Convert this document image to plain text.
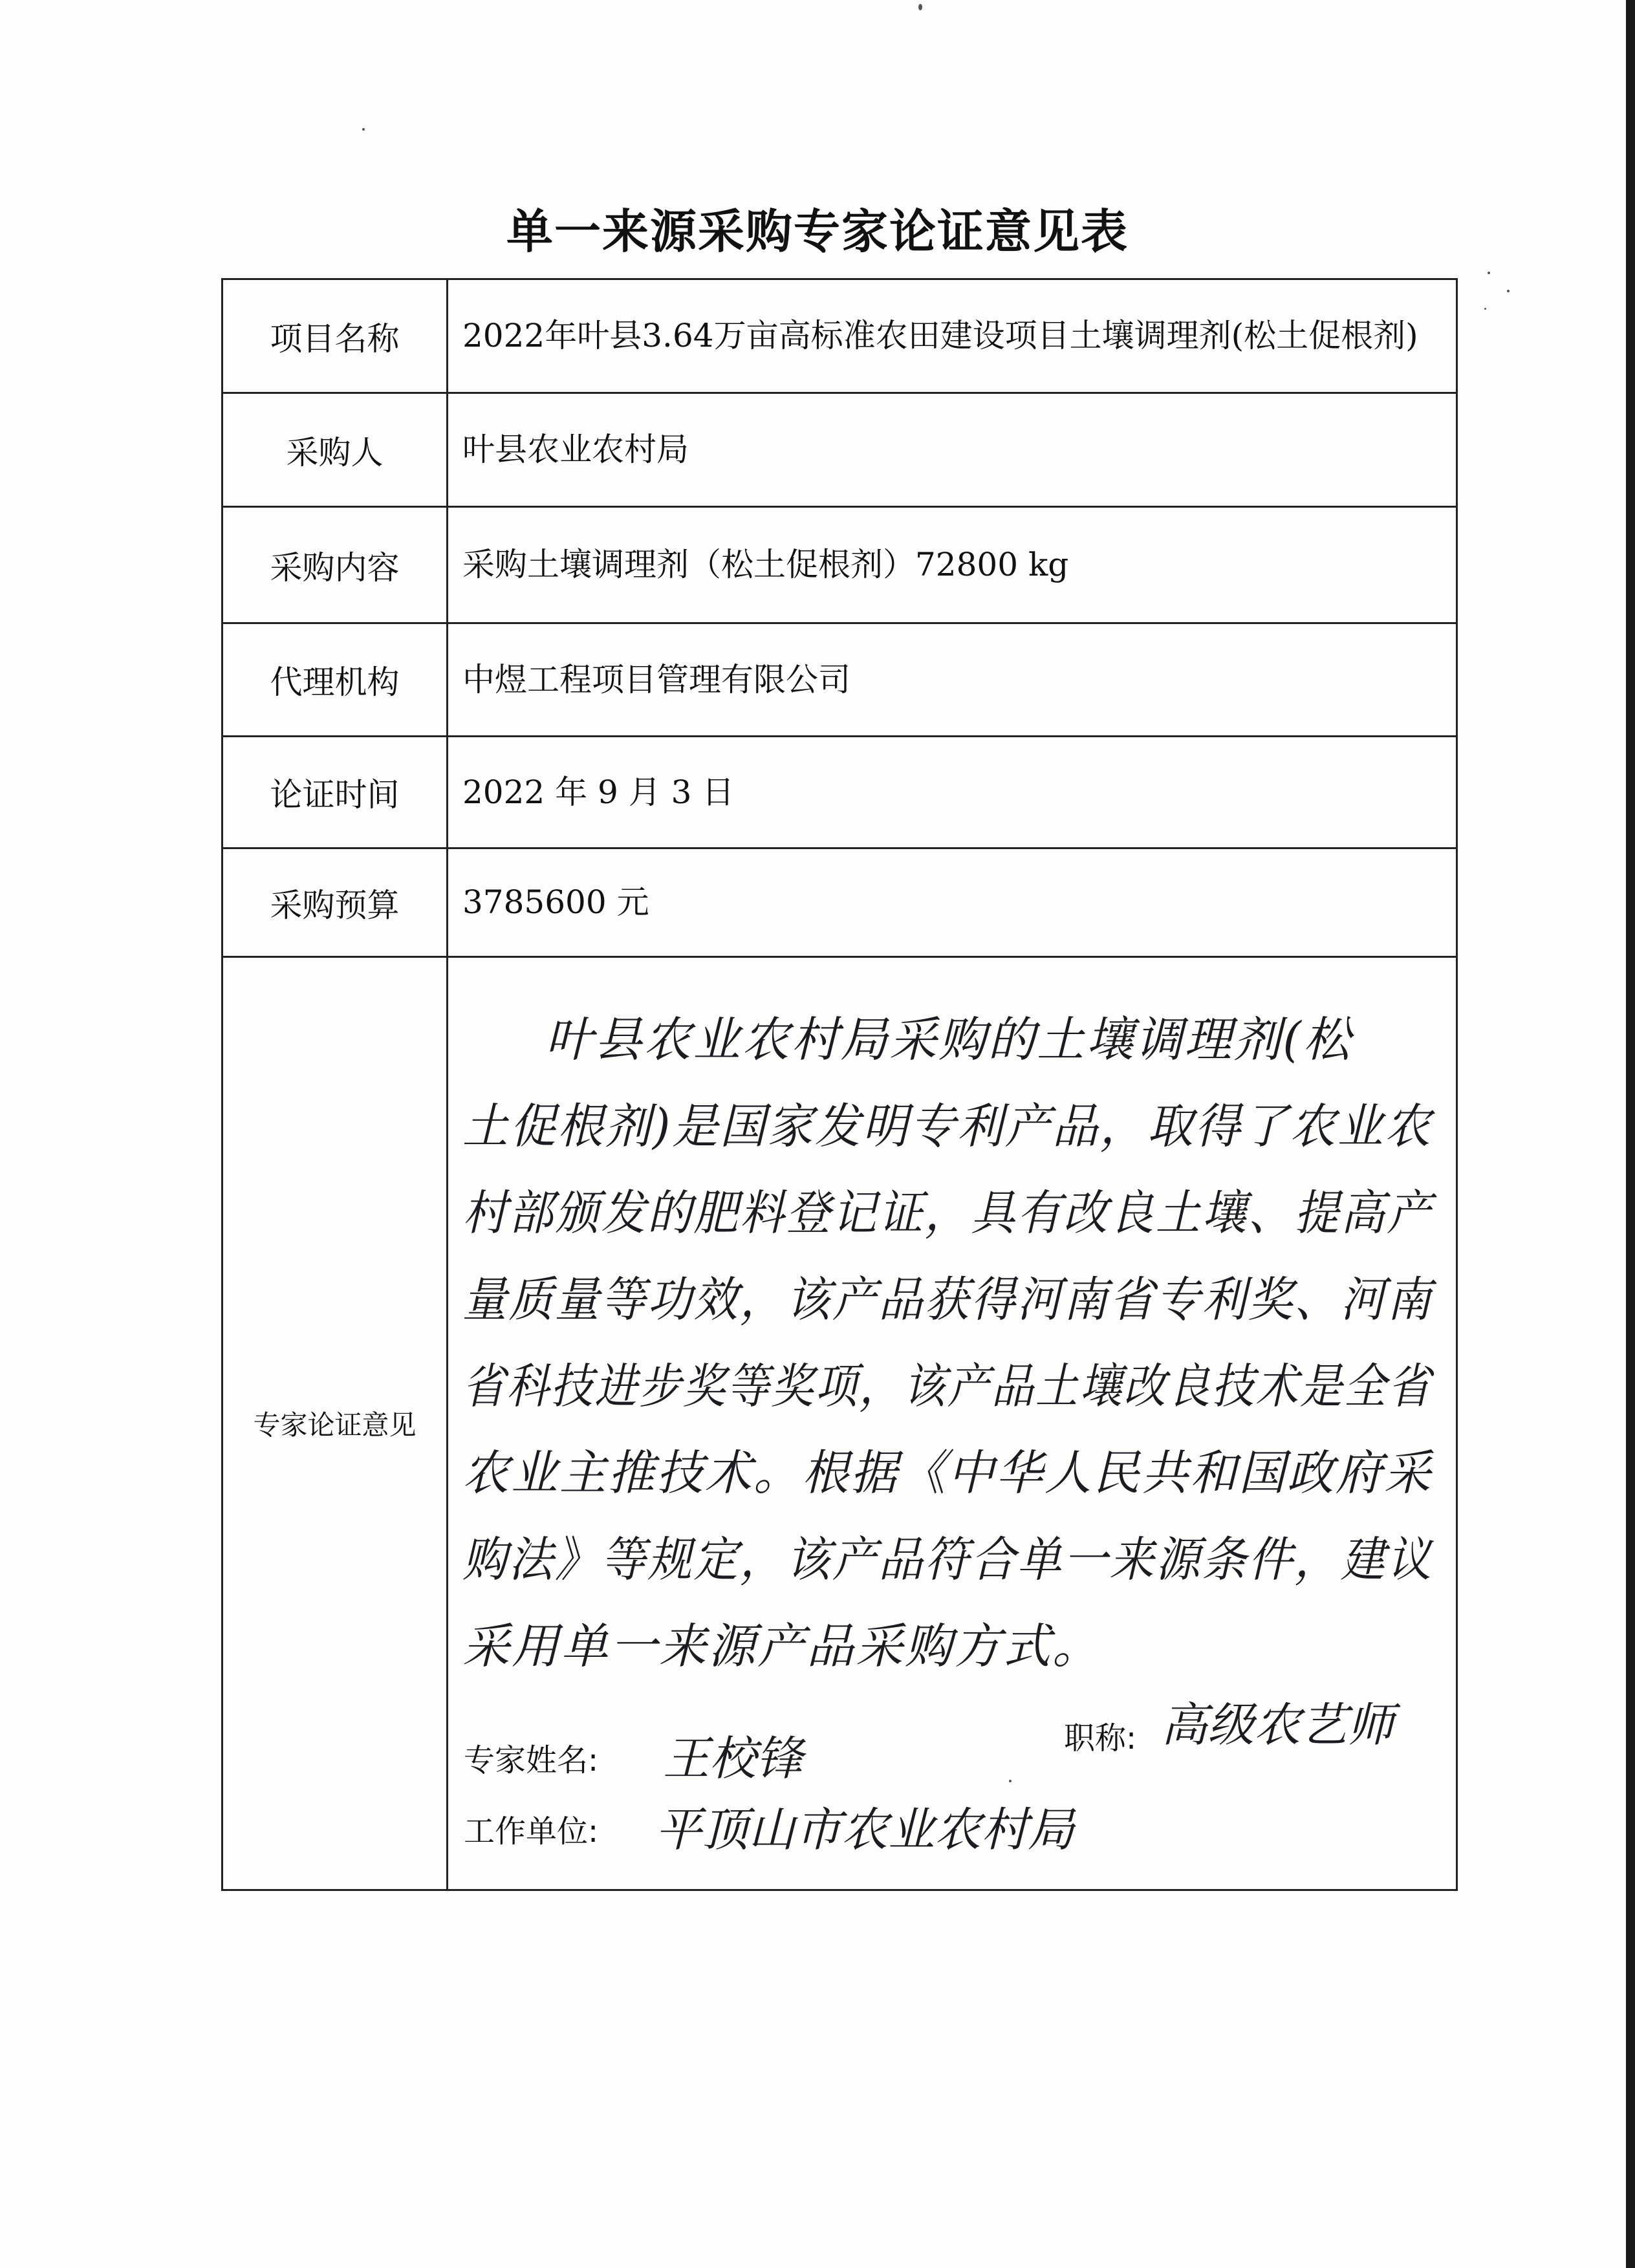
单一来源采购专家论证意见表
项目名称	2022年叶县3.64万亩高标准农田建设项目土壤调理剂(松土促根剂)
采购人	叶县农业农村局
采购内容	采购土壤调理剂（松土促根剂）72800 kg
代理机构	中煜工程项目管理有限公司
论证时间	2022 年 9 月 3 日
采购预算	3785600 元
专家论证意见
叶县农业农村局采购的土壤调理剂(松
土促根剂)是国家发明专利产品，取得了农业农
村部颁发的肥料登记证，具有改良土壤、提高产
量质量等功效，该产品获得河南省专利奖、河南
省科技进步奖等奖项，该产品土壤改良技术是全省
农业主推技术。根据《中华人民共和国政府采
购法》等规定，该产品符合单一来源条件，建议
采用单一来源产品采购方式。
专家姓名: 王校锋	职称: 高级农艺师
工作单位: 平顶山市农业农村局
